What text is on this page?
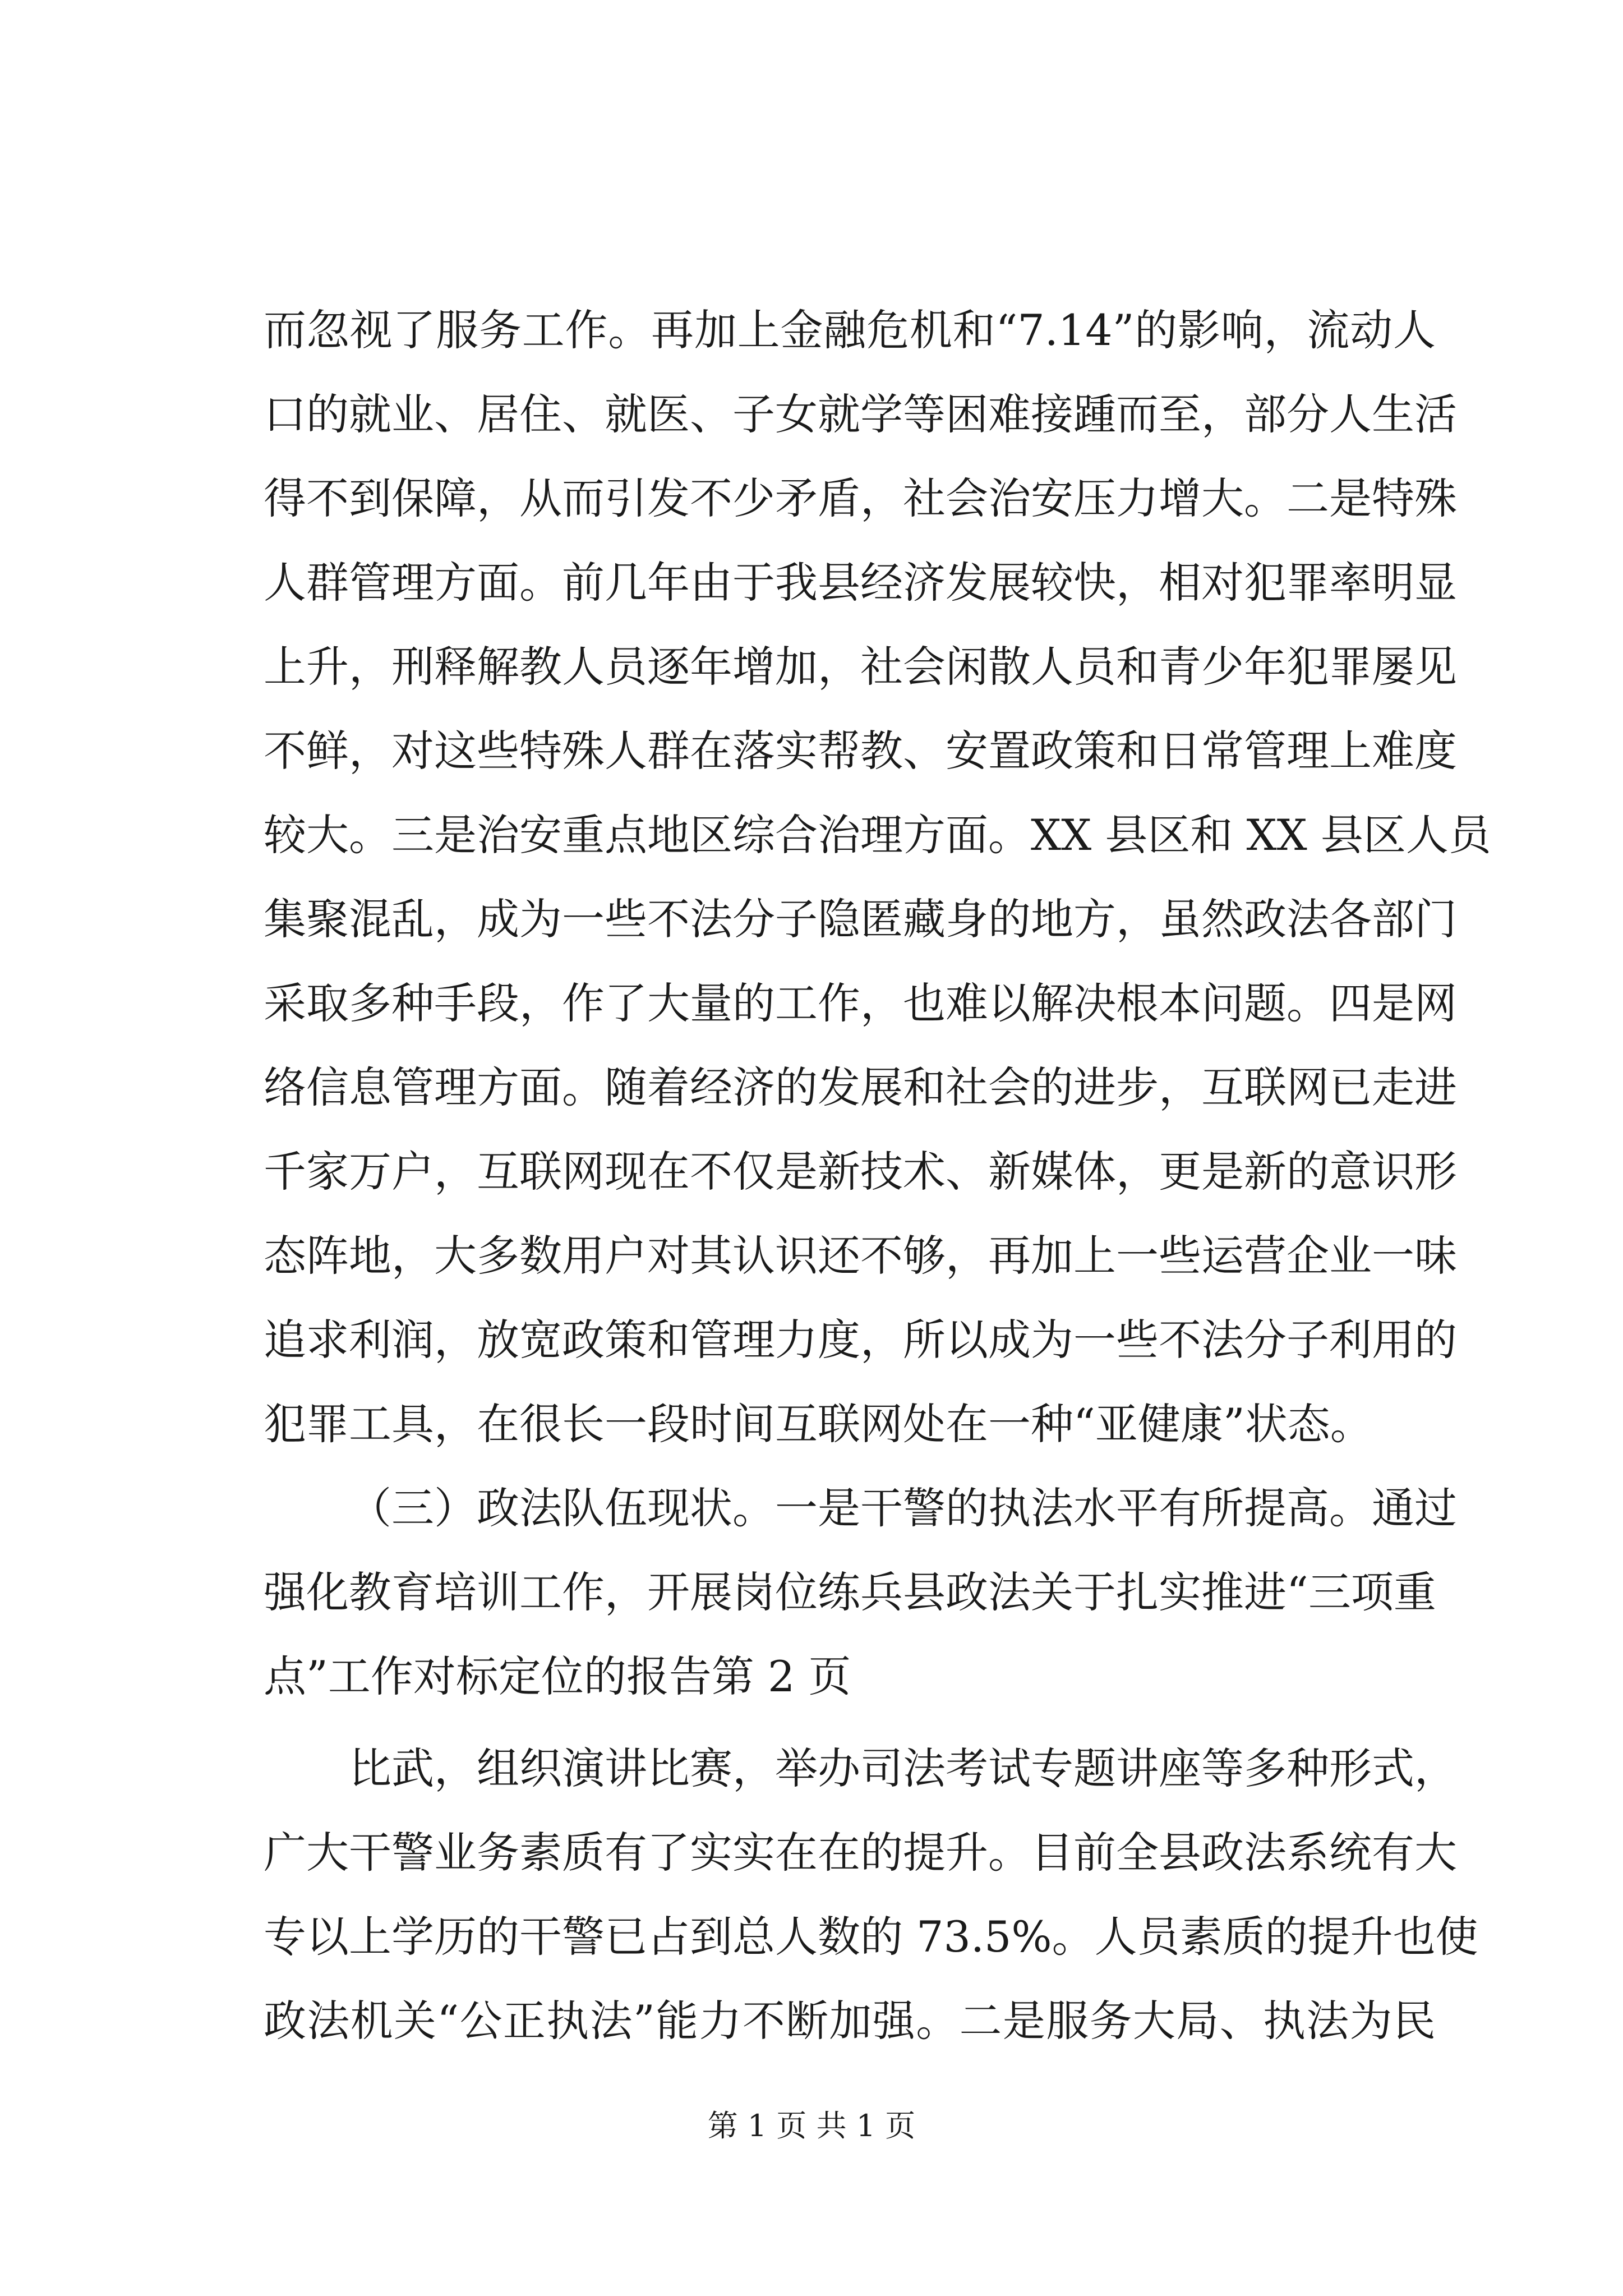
而忽视了服务工作。再加上金融危机和“7.14”的影响，流动人
口的就业、居住、就医、子女就学等困难接踵而至，部分人生活
得不到保障，从而引发不少矛盾，社会治安压力增大。二是特殊
人群管理方面。前几年由于我县经济发展较快，相对犯罪率明显
上升，刑释解教人员逐年增加，社会闲散人员和青少年犯罪屡见
不鲜，对这些特殊人群在落实帮教、安置政策和日常管理上难度
较大。三是治安重点地区综合治理方面。XX 县区和 XX 县区人员
集聚混乱，成为一些不法分子隐匿藏身的地方，虽然政法各部门
采取多种手段，作了大量的工作，也难以解决根本问题。四是网
络信息管理方面。随着经济的发展和社会的进步，互联网已走进
千家万户，互联网现在不仅是新技术、新媒体，更是新的意识形
态阵地，大多数用户对其认识还不够，再加上一些运营企业一味
追求利润，放宽政策和管理力度，所以成为一些不法分子利用的
犯罪工具，在很长一段时间互联网处在一种“亚健康”状态。
（三）政法队伍现状。一是干警的执法水平有所提高。通过
强化教育培训工作，开展岗位练兵县政法关于扎实推进“三项重
点”工作对标定位的报告第 2 页
比武，组织演讲比赛，举办司法考试专题讲座等多种形式，
广大干警业务素质有了实实在在的提升。目前全县政法系统有大
专以上学历的干警已占到总人数的 73.5%。人员素质的提升也使
政法机关“公正执法”能力不断加强。二是服务大局、执法为民
第 1 页 共 1 页
